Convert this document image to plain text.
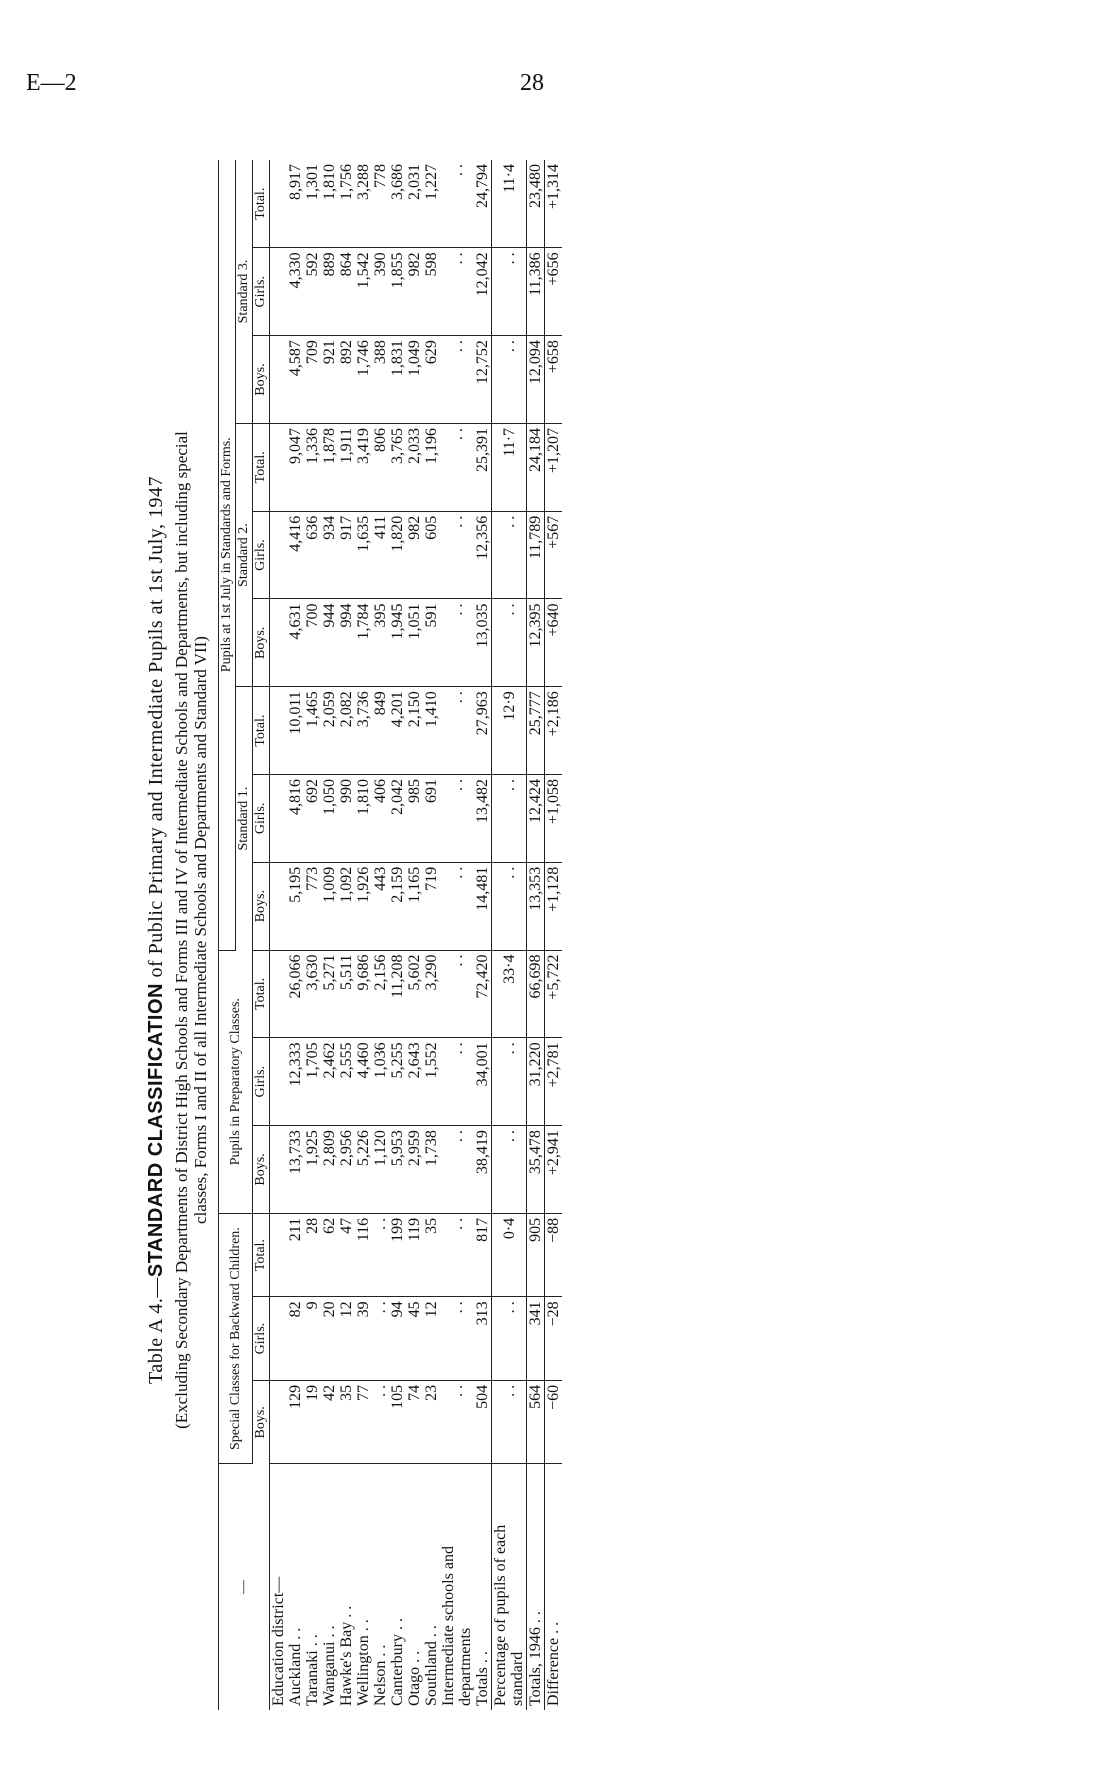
E—2	28
Table A 4.—STANDARD CLASSIFICATION of Public Primary and Intermediate Pupils at 1st July, 1947 (Excluding Secondary Departments of District High Schools and Forms III and IV of Intermediate Schools and Departments, but including special classes, Forms I and II of all Intermediate Schools and Departments and Standard VII)
—	Special Classes for Backward Children.			Pupils in Preparatory Classes.			Pupils at 1st July in Standards and Forms.								
							Standard 1.			Standard 2.			Standard 3.		
	Boys.	Girls.	Total.	Boys.	Girls.	Total.	Boys.	Girls.	Total.	Boys.	Girls.	Total.	Boys.	Girls.	Total.
Education district—															
Auckland . .	129	82	211	13,733	12,333	26,066	5,195	4,816	10,011	4,631	4,416	9,047	4,587	4,330	8,917
Taranaki . .	19	9	28	1,925	1,705	3,630	773	692	1,465	700	636	1,336	709	592	1,301
Wanganui . .	42	20	62	2,809	2,462	5,271	1,009	1,050	2,059	944	934	1,878	921	889	1,810
Hawke's Bay . .	35	12	47	2,956	2,555	5,511	1,092	990	2,082	994	917	1,911	892	864	1,756
Wellington . .	77	39	116	5,226	4,460	9,686	1,926	1,810	3,736	1,784	1,635	3,419	1,746	1,542	3,288
Nelson . .	. .	. .	. .	1,120	1,036	2,156	443	406	849	395	411	806	388	390	778
Canterbury . .	105	94	199	5,953	5,255	11,208	2,159	2,042	4,201	1,945	1,820	3,765	1,831	1,855	3,686
Otago . .	74	45	119	2,959	2,643	5,602	1,165	985	2,150	1,051	982	2,033	1,049	982	2,031
Southland . .	23	12	35	1,738	1,552	3,290	719	691	1,410	591	605	1,196	629	598	1,227
Intermediate schools and departments	. .	. .	. .	. .	. .	. .	. .	. .	. .	. .	. .	. .	. .	. .	. .
Totals . .	504	313	817	38,419	34,001	72,420	14,481	13,482	27,963	13,035	12,356	25,391	12,752	12,042	24,794
Percentage of pupils of each standard	. .	. .	0·4	. .	. .	33·4	. .	. .	12·9	. .	. .	11·7	. .	. .	11·4
Totals, 1946 . .	564	341	905	35,478	31,220	66,698	13,353	12,424	25,777	12,395	11,789	24,184	12,094	11,386	23,480
Difference . .	−60	−28	−88	+2,941	+2,781	+5,722	+1,128	+1,058	+2,186	+640	+567	+1,207	+658	+656	+1,314
